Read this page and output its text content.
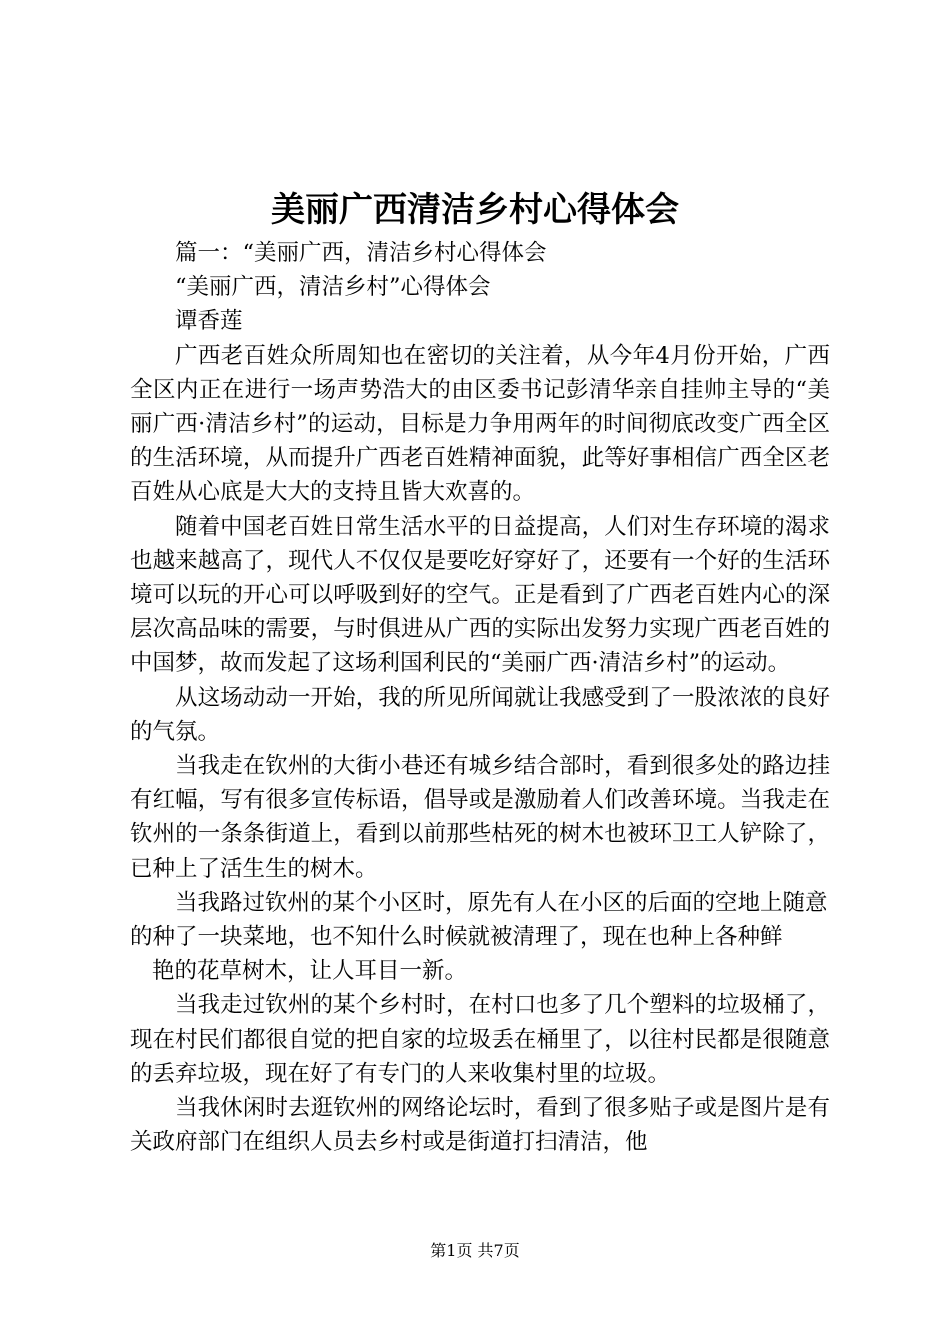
美丽广西清洁乡村心得体会

篇一：“美丽广西，清洁乡村心得体会

“美丽广西，清洁乡村”心得体会

谭香莲

广西老百姓众所周知也在密切的关注着，从今年4月份开始，广西全区内正在进行一场声势浩大的由区委书记彭清华亲自挂帅主导的“美丽广西·清洁乡村”的运动，目标是力争用两年的时间彻底改变广西全区的生活环境，从而提升广西老百姓精神面貌，此等好事相信广西全区老百姓从心底是大大的支持且皆大欢喜的。

随着中国老百姓日常生活水平的日益提高，人们对生存环境的渴求也越来越高了，现代人不仅仅是要吃好穿好了，还要有一个好的生活环境可以玩的开心可以呼吸到好的空气。正是看到了广西老百姓内心的深层次高品味的需要，与时俱进从广西的实际出发努力实现广西老百姓的中国梦，故而发起了这场利国利民的“美丽广西·清洁乡村”的运动。

从这场动动一开始，我的所见所闻就让我感受到了一股浓浓的良好的气氛。

当我走在钦州的大街小巷还有城乡结合部时，看到很多处的路边挂有红幅，写有很多宣传标语，倡导或是激励着人们改善环境。当我走在钦州的一条条街道上，看到以前那些枯死的树木也被环卫工人铲除了，已种上了活生生的树木。

当我路过钦州的某个小区时，原先有人在小区的后面的空地上随意的种了一块菜地，也不知什么时候就被清理了，现在也种上各种鲜

艳的花草树木，让人耳目一新。

当我走过钦州的某个乡村时，在村口也多了几个塑料的垃圾桶了，现在村民们都很自觉的把自家的垃圾丢在桶里了，以往村民都是很随意的丢弃垃圾，现在好了有专门的人来收集村里的垃圾。

当我休闲时去逛钦州的网络论坛时，看到了很多贴子或是图片是有关政府部门在组织人员去乡村或是街道打扫清洁，他

第1页 共7页
